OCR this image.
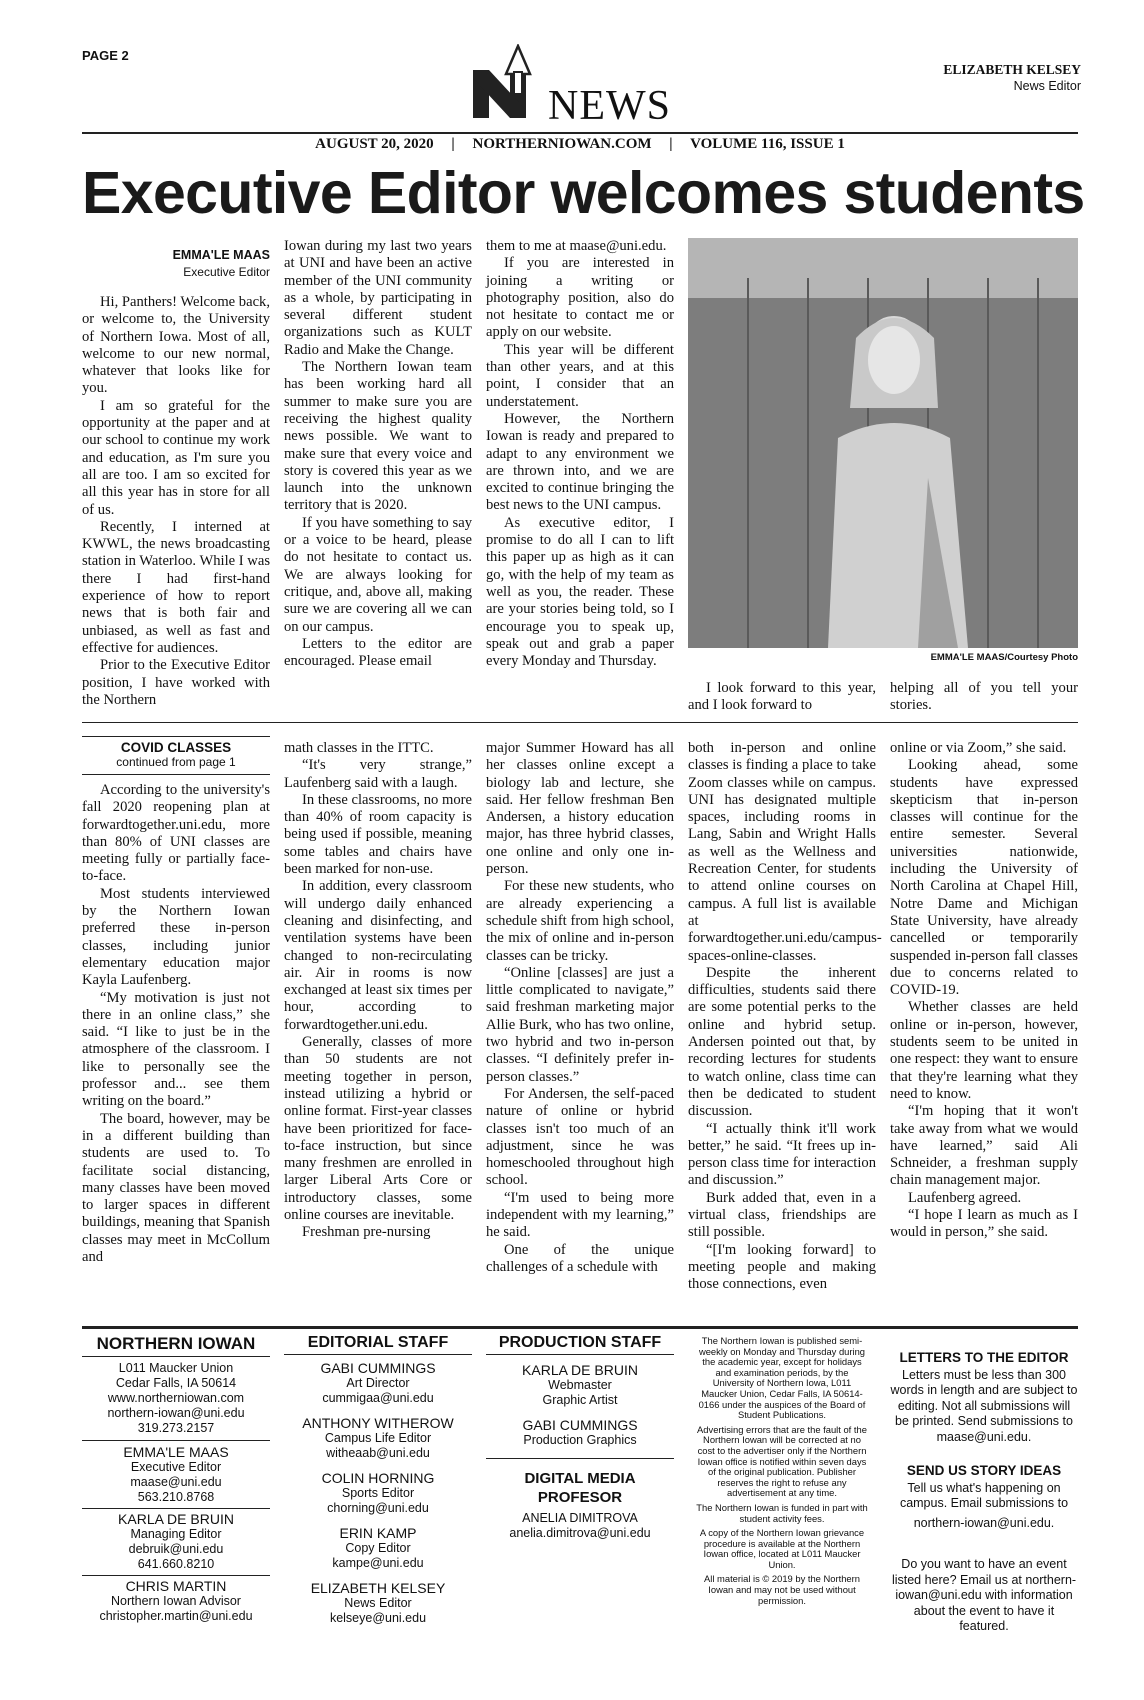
PAGE 2
NEWS
ELIZABETH KELSEY
News Editor
AUGUST 20, 2020 | NORTHERNIOWAN.COM | VOLUME 116, ISSUE 1
Executive Editor welcomes students
EMMA'LE MAAS
Executive Editor

Hi, Panthers! Welcome back, or welcome to, the University of Northern Iowa. Most of all, welcome to our new normal, whatever that looks like for you.

I am so grateful for the opportunity at the paper and at our school to continue my work and education, as I'm sure you all are too. I am so excited for all this year has in store for all of us.

Recently, I interned at KWWL, the news broadcasting station in Waterloo. While I was there I had first-hand experience of how to report news that is both fair and unbiased, as well as fast and effective for audiences.

Prior to the Executive Editor position, I have worked with the Northern

Iowan during my last two years at UNI and have been an active member of the UNI community as a whole, by participating in several different student organizations such as KULT Radio and Make the Change.

The Northern Iowan team has been working hard all summer to make sure you are receiving the highest quality news possible. We want to make sure that every voice and story is covered this year as we launch into the unknown territory that is 2020.

If you have something to say or a voice to be heard, please do not hesitate to contact us. We are always looking for critique, and, above all, making sure we are covering all we can on our campus.

Letters to the editor are encouraged. Please email

them to me at maase@uni.edu.

If you are interested in joining a writing or photography position, also do not hesitate to contact me or apply on our website.

This year will be different than other years, and at this point, I consider that an understatement.

However, the Northern Iowan is ready and prepared to adapt to any environment we are thrown into, and we are excited to continue bringing the best news to the UNI campus.

As executive editor, I promise to do all I can to lift this paper up as high as it can go, with the help of my team as well as you, the reader. These are your stories being told, so I encourage you to speak up, speak out and grab a paper every Monday and Thursday.	EMMA'LE MAAS/Courtesy Photo

I look forward to this year, and I look forward to

helping all of you tell your stories.

COVID CLASSES
continued from page 1

According to the university's fall 2020 reopening plan at forwardtogether.uni.edu, more than 80% of UNI classes are meeting fully or partially face-to-face.

Most students interviewed by the Northern Iowan preferred these in-person classes, including junior elementary education major Kayla Laufenberg.

“My motivation is just not there in an online class,” she said. “I like to just be in the atmosphere of the classroom. I like to personally see the professor and... see them writing on the board.”

The board, however, may be in a different building than students are used to. To facilitate social distancing, many classes have been moved to larger spaces in different buildings, meaning that Spanish classes may meet in McCollum and

math classes in the ITTC.

“It's very strange,” Laufenberg said with a laugh.

In these classrooms, no more than 40% of room capacity is being used if possible, meaning some tables and chairs have been marked for non-use.

In addition, every classroom will undergo daily enhanced cleaning and disinfecting, and ventilation systems have been changed to non-recirculating air. Air in rooms is now exchanged at least six times per hour, according to forwardtogether.uni.edu.

Generally, classes of more than 50 students are not meeting together in person, instead utilizing a hybrid or online format. First-year classes have been prioritized for face-to-face instruction, but since many freshmen are enrolled in larger Liberal Arts Core or introductory classes, some online courses are inevitable.

Freshman pre-nursing

major Summer Howard has all her classes online except a biology lab and lecture, she said. Her fellow freshman Ben Andersen, a history education major, has three hybrid classes, one online and only one in-person.

For these new students, who are already experiencing a schedule shift from high school, the mix of online and in-person classes can be tricky.

“Online [classes] are just a little complicated to navigate,” said freshman marketing major Allie Burk, who has two online, two hybrid and two in-person classes. “I definitely prefer in-person classes.”

For Andersen, the self-paced nature of online or hybrid classes isn't too much of an adjustment, since he was homeschooled throughout high school.

“I'm used to being more independent with my learning,” he said.

One of the unique challenges of a schedule with

both in-person and online classes is finding a place to take Zoom classes while on campus. UNI has designated multiple spaces, including rooms in Lang, Sabin and Wright Halls as well as the Wellness and Recreation Center, for students to attend online courses on campus. A full list is available at forwardtogether.uni.edu/campus-spaces-online-classes.

Despite the inherent difficulties, students said there are some potential perks to the online and hybrid setup. Andersen pointed out that, by recording lectures for students to watch online, class time can then be dedicated to student discussion.

“I actually think it'll work better,” he said. “It frees up in-person class time for interaction and discussion.”

Burk added that, even in a virtual class, friendships are still possible.

“[I'm looking forward] to meeting people and making those connections, even

online or via Zoom,” she said.

Looking ahead, some students have expressed skepticism that in-person classes will continue for the entire semester. Several universities nationwide, including the University of North Carolina at Chapel Hill, Notre Dame and Michigan State University, have already cancelled or temporarily suspended in-person fall classes due to concerns related to COVID-19.

Whether classes are held online or in-person, however, students seem to be united in one respect: they want to ensure that they're learning what they need to know.

“I'm hoping that it won't take away from what we would have learned,” said Ali Schneider, a freshman supply chain management major.

Laufenberg agreed.

“I hope I learn as much as I would in person,” she said.

NORTHERN IOWAN
L011 Maucker Union
Cedar Falls, IA 50614
www.northerniowan.com
northern-iowan@uni.edu
319.273.2157
EMMA'LE MAAS
Executive Editor
maase@uni.edu
563.210.8768
KARLA DE BRUIN
Managing Editor
debruik@uni.edu
641.660.8210
CHRIS MARTIN
Northern Iowan Advisor
christopher.martin@uni.edu
EDITORIAL STAFF
GABI CUMMINGS
Art Director
cummigaa@uni.edu
ANTHONY WITHEROW
Campus Life Editor
witheaab@uni.edu
COLIN HORNING
Sports Editor
chorning@uni.edu
ERIN KAMP
Copy Editor
kampe@uni.edu
ELIZABETH KELSEY
News Editor
kelseye@uni.edu
PRODUCTION STAFF
KARLA DE BRUIN
Webmaster
Graphic Artist
GABI CUMMINGS
Production Graphics
DIGITAL MEDIA
PROFESOR
ANELIA DIMITROVA
anelia.dimitrova@uni.edu

The Northern Iowan is published semi-weekly on Monday and Thursday during the academic year, except for holidays and examination periods, by the University of Northern Iowa, L011 Maucker Union, Cedar Falls, IA 50614-0166 under the auspices of the Board of Student Publications.

Advertising errors that are the fault of the Northern Iowan will be corrected at no cost to the advertiser only if the Northern Iowan office is notified within seven days of the original publication. Publisher reserves the right to refuse any advertisement at any time.

The Northern Iowan is funded in part with student activity fees.

A copy of the Northern Iowan grievance procedure is available at the Northern Iowan office, located at L011 Maucker Union.

All material is © 2019 by the Northern Iowan and may not be used without permission.

LETTERS TO THE EDITOR
Letters must be less than 300 words in length and are subject to editing. Not all submissions will be printed. Send submissions to maase@uni.edu.
SEND US STORY IDEAS
Tell us what's happening on campus. Email submissions to
northern-iowan@uni.edu.
Do you want to have an event listed here? Email us at northern-iowan@uni.edu with information about the event to have it featured.
